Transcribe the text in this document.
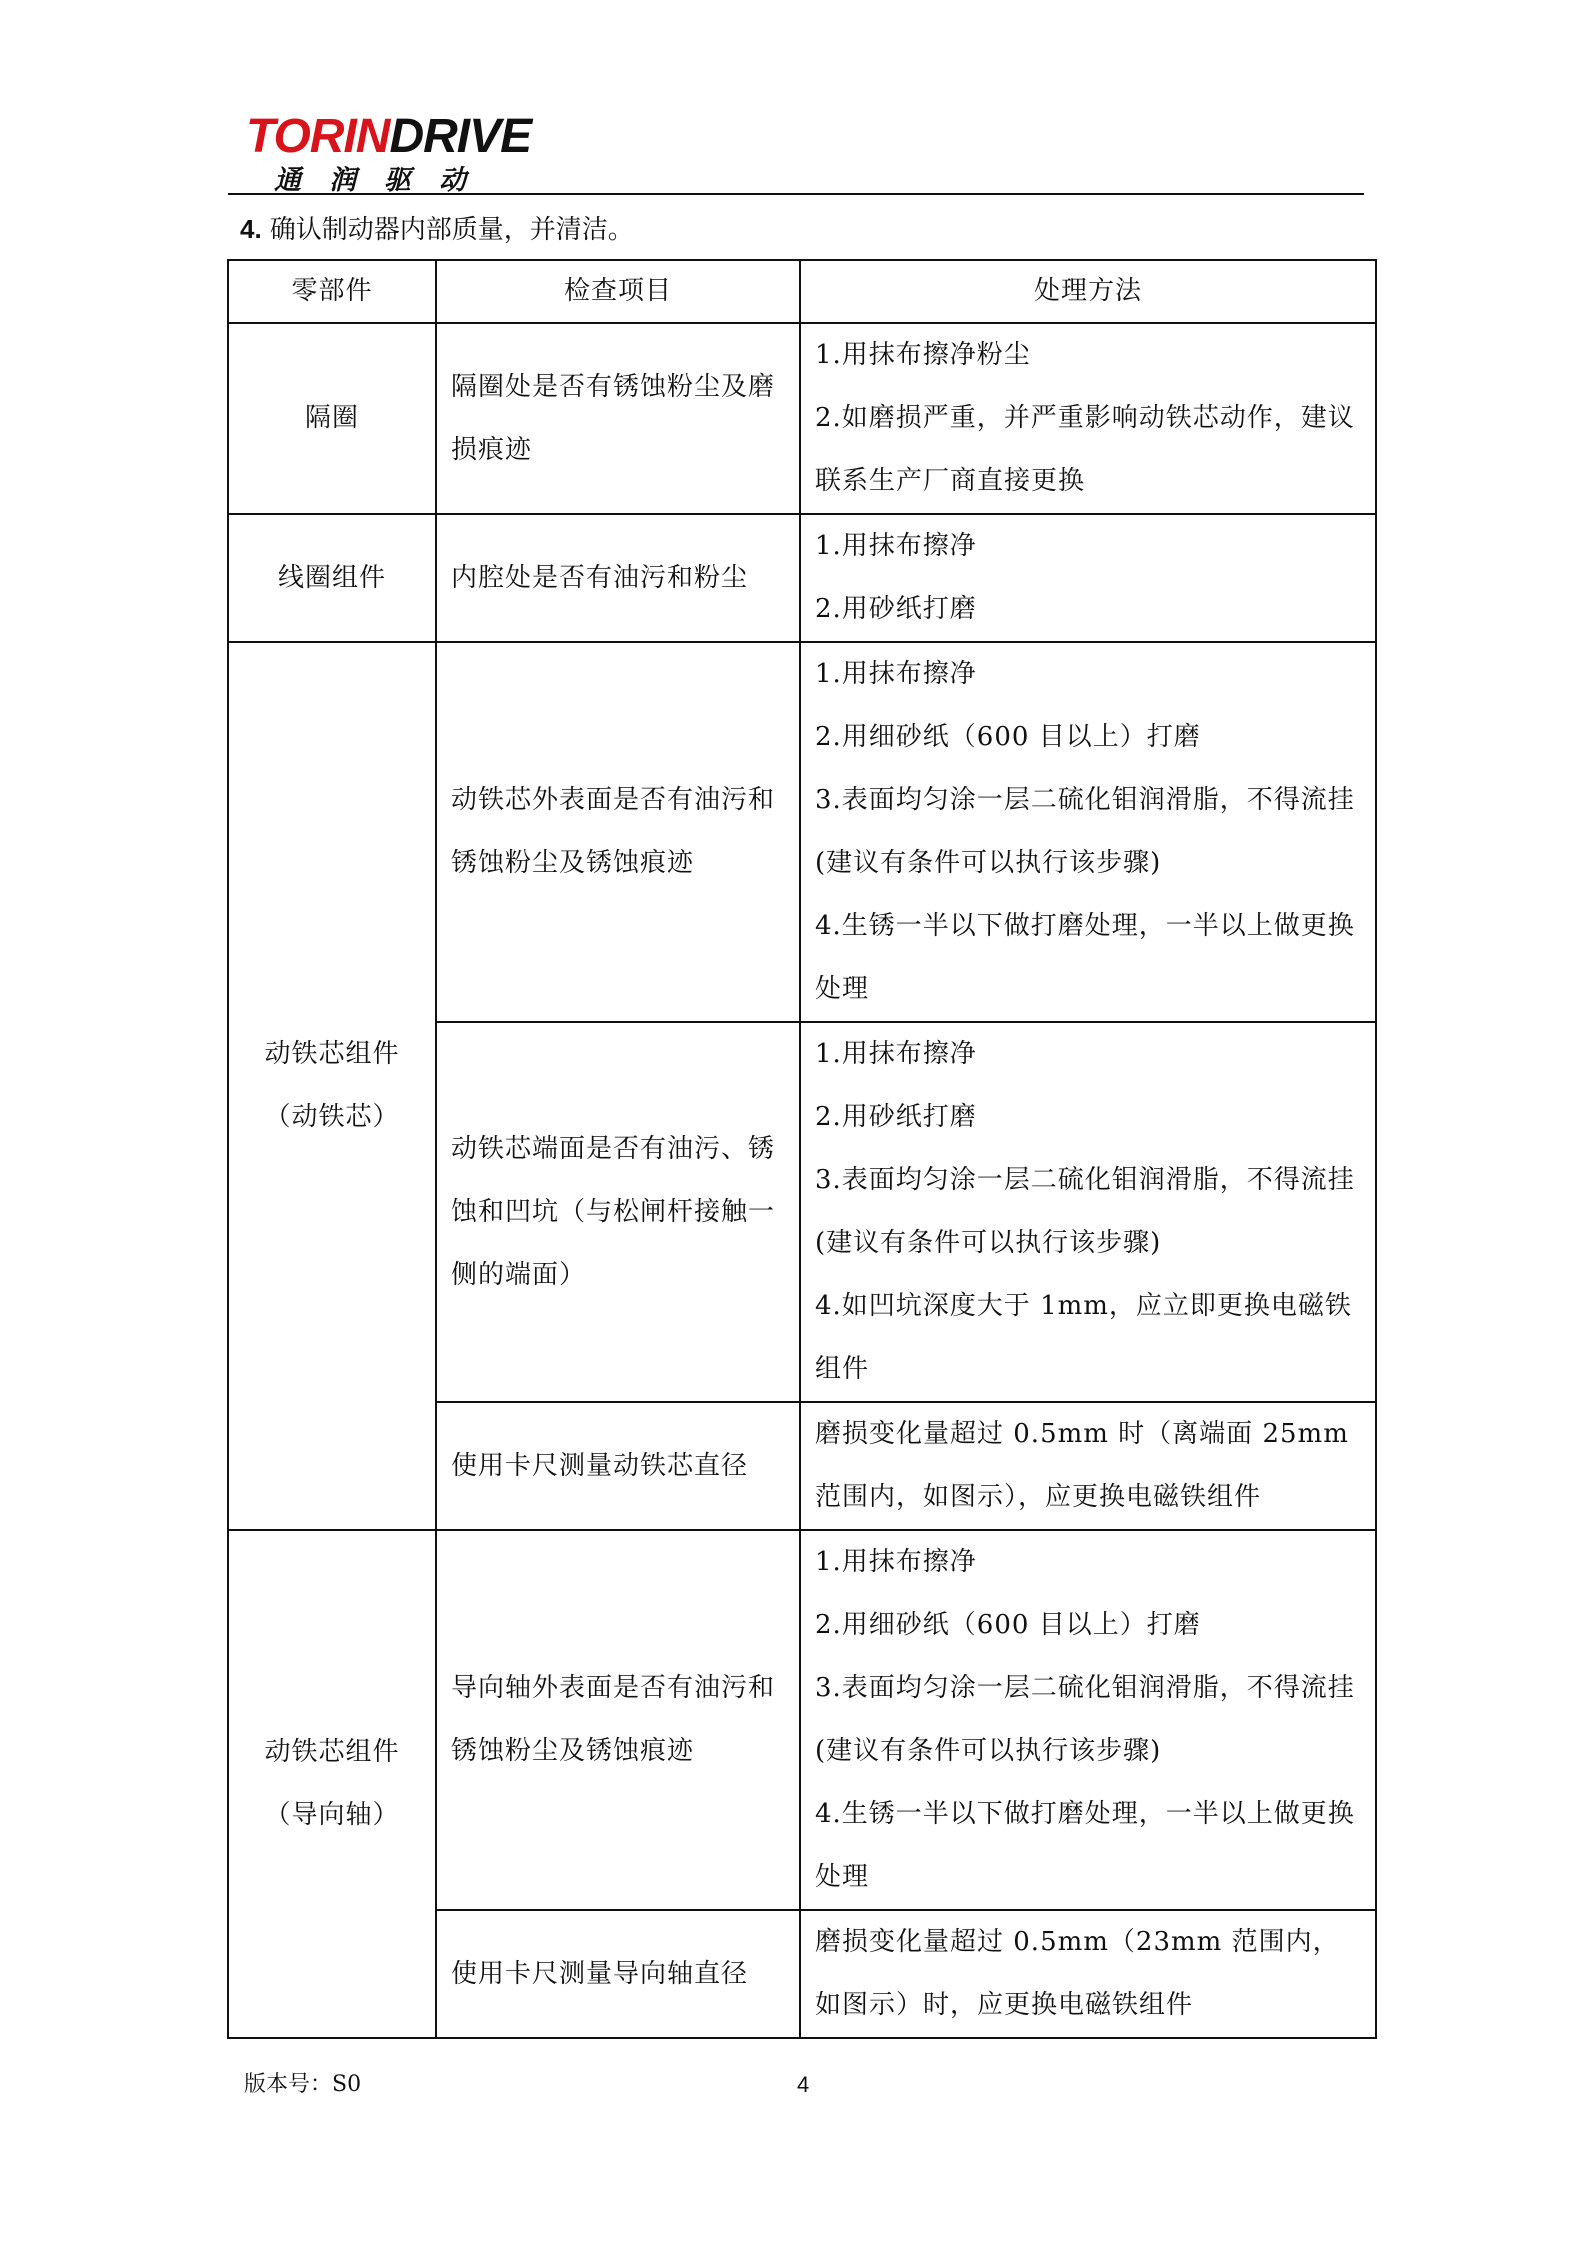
TORINDRIVE
通润驱动
4. 确认制动器内部质量，并清洁。
零部件	检查项目	处理方法
隔圈	隔圈处是否有锈蚀粉尘及磨损痕迹	1.用抹布擦净粉尘
2.如磨损严重，并严重影响动铁芯动作，建议联系生产厂商直接更换

线圈组件	内腔处是否有油污和粉尘	1.用抹布擦净
2.用砂纸打磨

动铁芯组件
（动铁芯）	动铁芯外表面是否有油污和锈蚀粉尘及锈蚀痕迹	1.用抹布擦净
2.用细砂纸（600 目以上）打磨
3.表面均匀涂一层二硫化钼润滑脂，不得流挂(建议有条件可以执行该步骤)
4.生锈一半以下做打磨处理，一半以上做更换处理

	动铁芯端面是否有油污、锈蚀和凹坑（与松闸杆接触一侧的端面）	1.用抹布擦净
2.用砂纸打磨
3.表面均匀涂一层二硫化钼润滑脂，不得流挂(建议有条件可以执行该步骤)
4.如凹坑深度大于 1mm，应立即更换电磁铁组件

	使用卡尺测量动铁芯直径	磨损变化量超过 0.5mm 时（离端面 25mm 范围内，如图示），应更换电磁铁组件

动铁芯组件
（导向轴）	导向轴外表面是否有油污和锈蚀粉尘及锈蚀痕迹	1.用抹布擦净
2.用细砂纸（600 目以上）打磨
3.表面均匀涂一层二硫化钼润滑脂，不得流挂(建议有条件可以执行该步骤)
4.生锈一半以下做打磨处理，一半以上做更换处理

	使用卡尺测量导向轴直径	磨损变化量超过 0.5mm（23mm 范围内，如图示）时，应更换电磁铁组件
版本号：S0	4
